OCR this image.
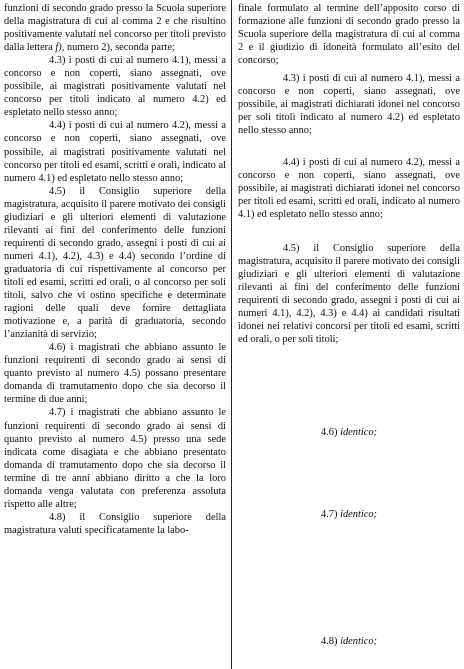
funzioni di secondo grado presso la Scuola superiore della magistratura di cui al comma 2 e che risultino positivamente valutati nel concorso per titoli previsto dalla lettera f), numero 2), seconda parte;

4.3) i posti di cui al numero 4.1), messi a concorso e non coperti, siano assegnati, ove possibile, ai magistrati positivamente valutati nel concorso per titoli indicato al numero 4.2) ed espletato nello stesso anno;

4.4) i posti di cui al numero 4.2), messi a concorso e non coperti, siano assegnati, ove possibile, ai magistrati positivamente valutati nel concorso per titoli ed esami, scritti e orali, indicato al numero 4.1) ed espletato nello stesso anno;

4.5) il Consiglio superiore della magistratura, acquisito il parere motivato dei consigli giudiziari e gli ulteriori elementi di valutazione rilevanti ai fini del conferimento delle funzioni requirenti di secondo grado, assegni i posti di cui ai numeri 4.1), 4.2), 4.3) e 4.4) secondo l’ordine di graduatoria di cui rispettivamente al concorso per titoli ed esami, scritti ed orali, o al concorso per soli titoli, salvo che vi ostino specifiche e determinate ragioni delle quali deve fornire dettagliata motivazione e, a parità di graduatoria, secondo l’anzianità di servizio;

4.6) i magistrati che abbiano assunto le funzioni requirenti di secondo grado ai sensi di quanto previsto al numero 4.5) possano presentare domanda di tramutamento dopo che sia decorso il termine di due anni;

4.7) i magistrati che abbiano assunto le funzioni requirenti di secondo grado ai sensi di quanto previsto al numero 4.5) presso una sede indicata come disagiata e che abbiano presentato domanda di tramutamento dopo che sia decorso il termine di tre anni abbiano diritto a che la loro domanda venga valutata con preferenza assoluta rispetto alle altre;

4.8) il Consiglio superiore della magistratura valuti specificatamente la labo-

finale formulato al termine dell’apposito corso di formazione alle funzioni di secondo grado presso la Scuola superiore della magistratura di cui al comma 2 e il giudizio di idoneità formulato all’esito del concorso;

4.3) i posti di cui al numero 4.1), messi a concorso e non coperti, siano assegnati, ove possibile, ai magistrati dichiarati idonei nel concorso per soli titoli indicato al numero 4.2) ed espletato nello stesso anno;

4.4) i posti di cui al numero 4.2), messi a concorso e non coperti, siano assegnati, ove possibile, ai magistrati dichiarati idonei nel concorso per titoli ed esami, scritti ed orali, indicato al numero 4.1) ed espletato nello stesso anno;

4.5) il Consiglio superiore della magistratura, acquisito il parere motivato dei consigli giudiziari e gli ulteriori elementi di valutazione rilevanti ai fini del conferimento delle funzioni requirenti di secondo grado, assegni i posti di cui ai numeri 4.1), 4.2), 4.3) e 4.4) ai candidati risultati idonei nei relativi concorsi per titoli ed esami, scritti ed orali, o per soli titoli;

4.6) identico;

4.7) identico;

4.8) identico;
